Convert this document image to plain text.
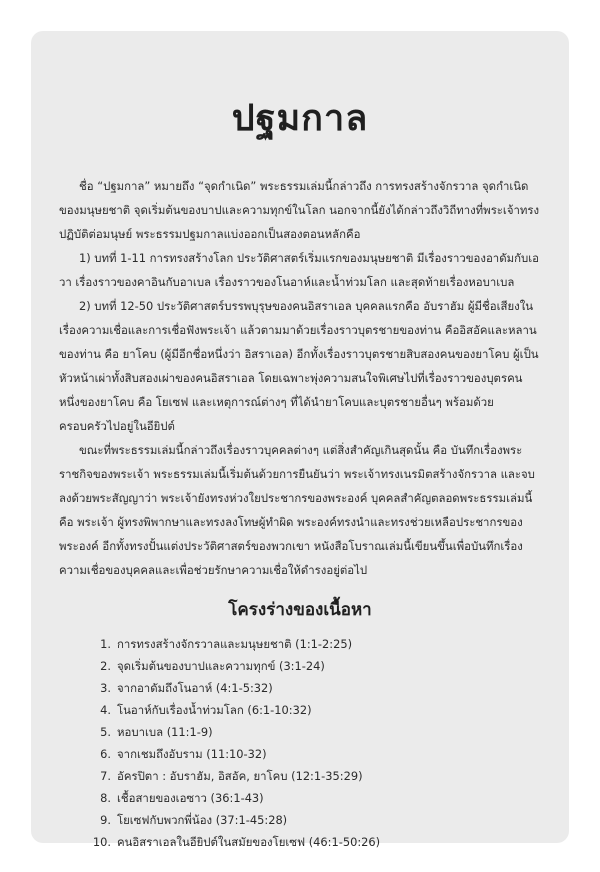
ปฐมกาล

ชื่อ “ปฐมกาล” หมายถึง “จุดกำเนิด” พระธรรมเล่มนี้กล่าวถึง การทรงสร้างจักรวาล จุดกำเนิดของมนุษยชาติ จุดเริ่มต้นของบาปและความทุกข์ในโลก นอกจากนี้ยังได้กล่าวถึงวิถีทางที่พระเจ้าทรงปฏิบัติต่อมนุษย์ พระธรรมปฐมกาลแบ่งออกเป็นสองตอนหลักคือ

1) บทที่ 1-11 การทรงสร้างโลก ประวัติศาสตร์เริ่มแรกของมนุษยชาติ มีเรื่องราวของอาดัมกับเอวา เรื่องราวของคาอินกับอาเบล เรื่องราวของโนอาห์และน้ำท่วมโลก และสุดท้ายเรื่องหอบาเบล

2) บทที่ 12-50 ประวัติศาสตร์บรรพบุรุษของคนอิสราเอล บุคคลแรกคือ อับราฮัม ผู้มีชื่อเสียงในเรื่องความเชื่อและการเชื่อฟังพระเจ้า แล้วตามมาด้วยเรื่องราวบุตรชายของท่าน คืออิสอัคและหลานของท่าน คือ ยาโคบ (ผู้มีอีกชื่อหนึ่งว่า อิสราเอล) อีกทั้งเรื่องราวบุตรชายสิบสองคนของยาโคบ ผู้เป็นหัวหน้าเผ่าทั้งสิบสองเผ่าของคนอิสราเอล โดยเฉพาะพุ่งความสนใจพิเศษไปที่เรื่องราวของบุตรคนหนึ่งของยาโคบ คือ โยเซฟ และเหตุการณ์ต่างๆ ที่ได้นำยาโคบและบุตรชายอื่นๆ พร้อมด้วยครอบครัวไปอยู่ในอียิปต์

ขณะที่พระธรรมเล่มนี้กล่าวถึงเรื่องราวบุคคลต่างๆ แต่สิ่งสำคัญเกินสุดนั้น คือ บันทึกเรื่องพระราชกิจของพระเจ้า พระธรรมเล่มนี้เริ่มต้นด้วยการยืนยันว่า พระเจ้าทรงเนรมิตสร้างจักรวาล และจบลงด้วยพระสัญญาว่า พระเจ้ายังทรงห่วงใยประชากรของพระองค์ บุคคลสำคัญตลอดพระธรรมเล่มนี้คือ พระเจ้า ผู้ทรงพิพากษาและทรงลงโทษผู้ทำผิด พระองค์ทรงนำและทรงช่วยเหลือประชากรของพระองค์ อีกทั้งทรงปั้นแต่งประวัติศาสตร์ของพวกเขา หนังสือโบราณเล่มนี้เขียนขึ้นเพื่อบันทึกเรื่องความเชื่อของบุคคลและเพื่อช่วยรักษาความเชื่อให้ดำรงอยู่ต่อไป

โครงร่างของเนื้อหา
1. การทรงสร้างจักรวาลและมนุษยชาติ (1:1-2:25)
2. จุดเริ่มต้นของบาปและความทุกข์ (3:1-24)
3. จากอาดัมถึงโนอาห์ (4:1-5:32)
4. โนอาห์กับเรื่องน้ำท่วมโลก (6:1-10:32)
5. หอบาเบล (11:1-9)
6. จากเชมถึงอับราม (11:10-32)
7. อัครปิตา : อับราฮัม, อิสอัค, ยาโคบ (12:1-35:29)
8. เชื้อสายของเอซาว (36:1-43)
9. โยเซฟกับพวกพี่น้อง (37:1-45:28)
10. คนอิสราเอลในอียิปต์ในสมัยของโยเซฟ (46:1-50:26)
